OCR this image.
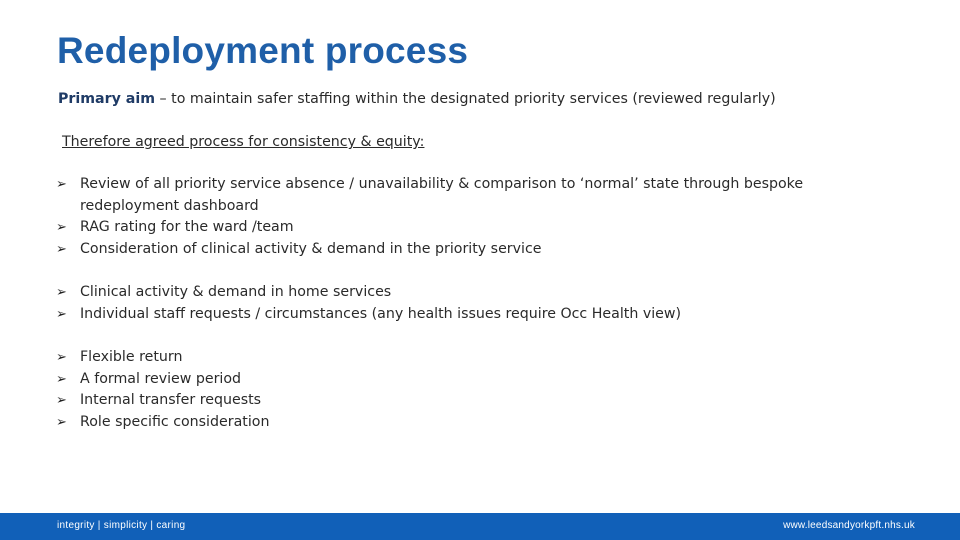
Redeployment process
Primary aim – to maintain safer staffing within the designated priority services (reviewed regularly)
Therefore agreed process for consistency & equity:
➢ Review of all priority service absence / unavailability & comparison to ‘normal’ state through bespoke redeployment dashboard
➢ RAG rating for the ward /team
➢ Consideration of clinical activity & demand in the priority service
➢ Clinical activity & demand in home services
➢ Individual staff requests / circumstances (any health issues require Occ Health view)
➢ Flexible return
➢ A formal review period
➢ Internal transfer requests
➢ Role specific consideration
integrity | simplicity | caring	www.leedsandyorkpft.nhs.uk
